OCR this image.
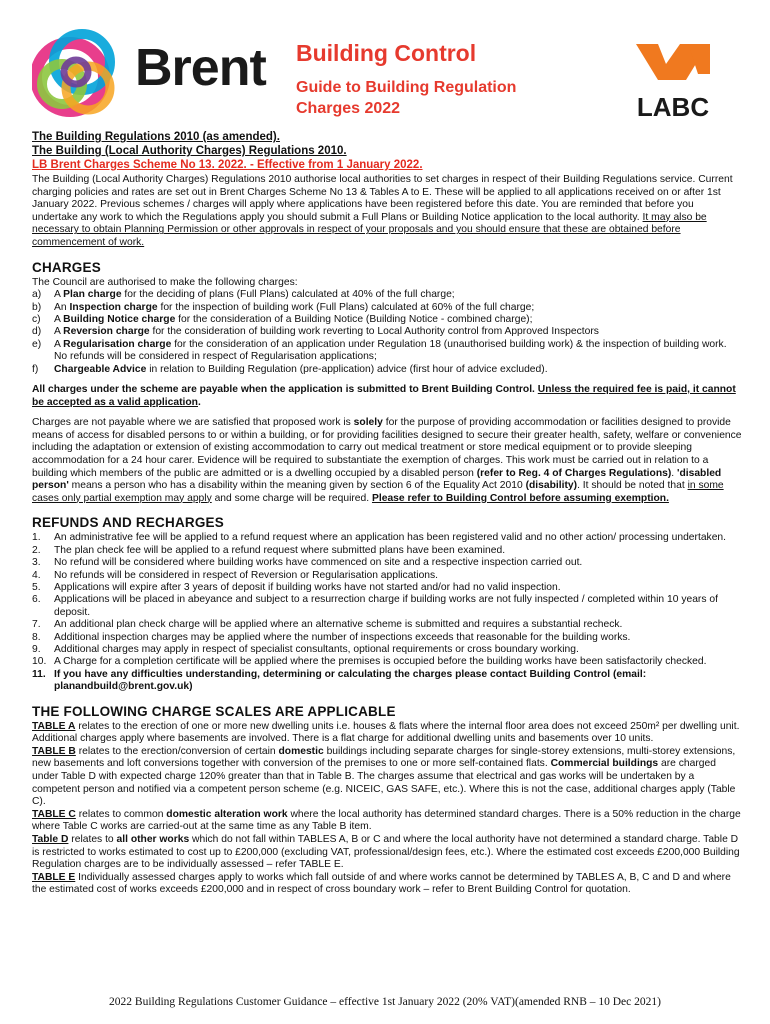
Brent Building Control
Guide to Building Regulation
Charges 2022	LABC
The Building Regulations 2010 (as amended).
The Building (Local Authority Charges) Regulations 2010.
LB Brent Charges Scheme No 13. 2022. - Effective from 1 January 2022.

The Building (Local Authority Charges) Regulations 2010 authorise local authorities to set charges in respect of their Building Regulations service. Current charging policies and rates are set out in Brent Charges Scheme No 13 & Tables A to E. These will be applied to all applications received on or after 1st January 2022. Previous schemes / charges will apply where applications have been registered before this date. You are reminded that before you undertake any work to which the Regulations apply you should submit a Full Plans or Building Notice application to the local authority. It may also be necessary to obtain Planning Permission or other approvals in respect of your proposals and you should ensure that these are obtained before commencement of work.

CHARGES
The Council are authorised to make the following charges:
a)	A Plan charge for the deciding of plans (Full Plans) calculated at 40% of the full charge;
b)	An Inspection charge for the inspection of building work (Full Plans) calculated at 60% of the full charge;
c)	A Building Notice charge for the consideration of a Building Notice (Building Notice - combined charge);
d)	A Reversion charge for the consideration of building work reverting to Local Authority control from Approved Inspectors
e)	A Regularisation charge for the consideration of an application under Regulation 18 (unauthorised building work) & the inspection of building work. No refunds will be considered in respect of Regularisation applications;
f)	Chargeable Advice in relation to Building Regulation (pre-application) advice (first hour of advice excluded).

All charges under the scheme are payable when the application is submitted to Brent Building Control. Unless the required fee is paid, it cannot be accepted as a valid application.

Charges are not payable where we are satisfied that proposed work is solely for the purpose of providing accommodation or facilities designed to provide means of access for disabled persons to or within a building, or for providing facilities designed to secure their greater health, safety, welfare or convenience including the adaptation or extension of existing accommodation to carry out medical treatment or store medical equipment or to provide sleeping accommodation for a 24 hour carer. Evidence will be required to substantiate the exemption of charges. This work must be carried out in relation to a building which members of the public are admitted or is a dwelling occupied by a disabled person (refer to Reg. 4 of Charges Regulations). 'disabled person' means a person who has a disability within the meaning given by section 6 of the Equality Act 2010 (disability). It should be noted that in some cases only partial exemption may apply and some charge will be required. Please refer to Building Control before assuming exemption.

REFUNDS AND RECHARGES
1.	An administrative fee will be applied to a refund request where an application has been registered valid and no other action/ processing undertaken.
2.	The plan check fee will be applied to a refund request where submitted plans have been examined.
3.	No refund will be considered where building works have commenced on site and a respective inspection carried out.
4.	No refunds will be considered in respect of Reversion or Regularisation applications.
5.	Applications will expire after 3 years of deposit if building works have not started and/or had no valid inspection.
6.	Applications will be placed in abeyance and subject to a resurrection charge if building works are not fully inspected / completed within 10 years of deposit.
7.	An additional plan check charge will be applied where an alternative scheme is submitted and requires a substantial recheck.
8.	Additional inspection charges may be applied where the number of inspections exceeds that reasonable for the building works.
9.	Additional charges may apply in respect of specialist consultants, optional requirements or cross boundary working.
10. A Charge for a completion certificate will be applied where the premises is occupied before the building works have been satisfactorily checked.
11. If you have any difficulties understanding, determining or calculating the charges please contact Building Control (email: planandbuild@brent.gov.uk)
THE FOLLOWING CHARGE SCALES ARE APPLICABLE

TABLE A relates to the erection of one or more new dwelling units i.e. houses & flats where the internal floor area does not exceed 250m² per dwelling unit. Additional charges apply where basements are involved. There is a flat charge for additional dwelling units and basements over 10 units.

TABLE B relates to the erection/conversion of certain domestic buildings including separate charges for single-storey extensions, multi-storey extensions, new basements and loft conversions together with conversion of the premises to one or more self-contained flats. Commercial buildings are charged under Table D with expected charge 120% greater than that in Table B. The charges assume that electrical and gas works will be undertaken by a competent person and notified via a competent person scheme (e.g. NICEIC, GAS SAFE, etc.). Where this is not the case, additional charges apply (Table C).

TABLE C relates to common domestic alteration work where the local authority has determined standard charges. There is a 50% reduction in the charge where Table C works are carried-out at the same time as any Table B item.

Table D relates to all other works which do not fall within TABLES A, B or C and where the local authority have not determined a standard charge. Table D is restricted to works estimated to cost up to £200,000 (excluding VAT, professional/design fees, etc.). Where the estimated cost exceeds £200,000 Building Regulation charges are to be individually assessed – refer TABLE E.

TABLE E Individually assessed charges apply to works which fall outside of and where works cannot be determined by TABLES A, B, C and D and where the estimated cost of works exceeds £200,000 and in respect of cross boundary work – refer to Brent Building Control for quotation.

2022 Building Regulations Customer Guidance – effective 1st January 2022 (20% VAT)(amended RNB – 10 Dec 2021)
